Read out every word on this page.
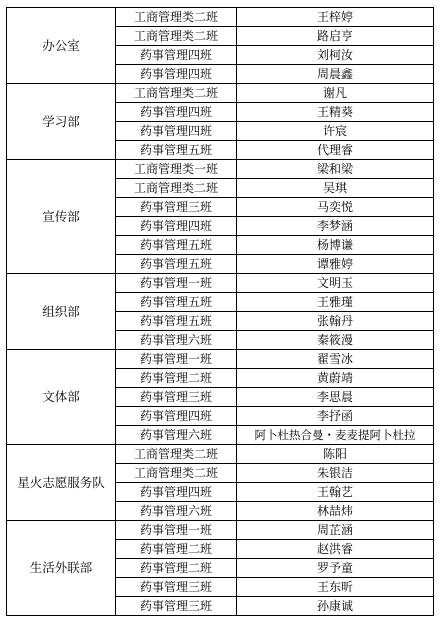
办公室	工商管理类二班	王梓婷
	工商管理类二班	路启亨
	药事管理四班	刘柯汝
	药事管理四班	周晨鑫
学习部	工商管理类二班	谢凡
	药事管理四班	王精葵
	药事管理四班	许宸
	药事管理五班	代理睿
宣传部	工商管理类一班	梁和梁
	工商管理类二班	吴琪
	药事管理三班	马奕悦
	药事管理四班	李梦涵
	药事管理五班	杨博谦
	药事管理五班	谭雅婷
组织部	药事管理一班	文明玉
	药事管理五班	王雅瑾
	药事管理五班	张翰丹
	药事管理六班	秦筱漫
文体部	药事管理一班	翟雪冰
	药事管理二班	黄蔚靖
	药事管理三班	李思晨
	药事管理四班	李抒函
	药事管理六班	阿卜杜热合曼・麦麦提阿卜杜拉
星火志愿服务队	工商管理类二班	陈阳
	工商管理类二班	朱银洁
	药事管理四班	王翰艺
	药事管理六班	林喆炜
生活外联部	药事管理一班	周芷涵
	药事管理二班	赵洪睿
	药事管理二班	罗予童
	药事管理三班	王东昕
	药事管理三班	孙康诚
